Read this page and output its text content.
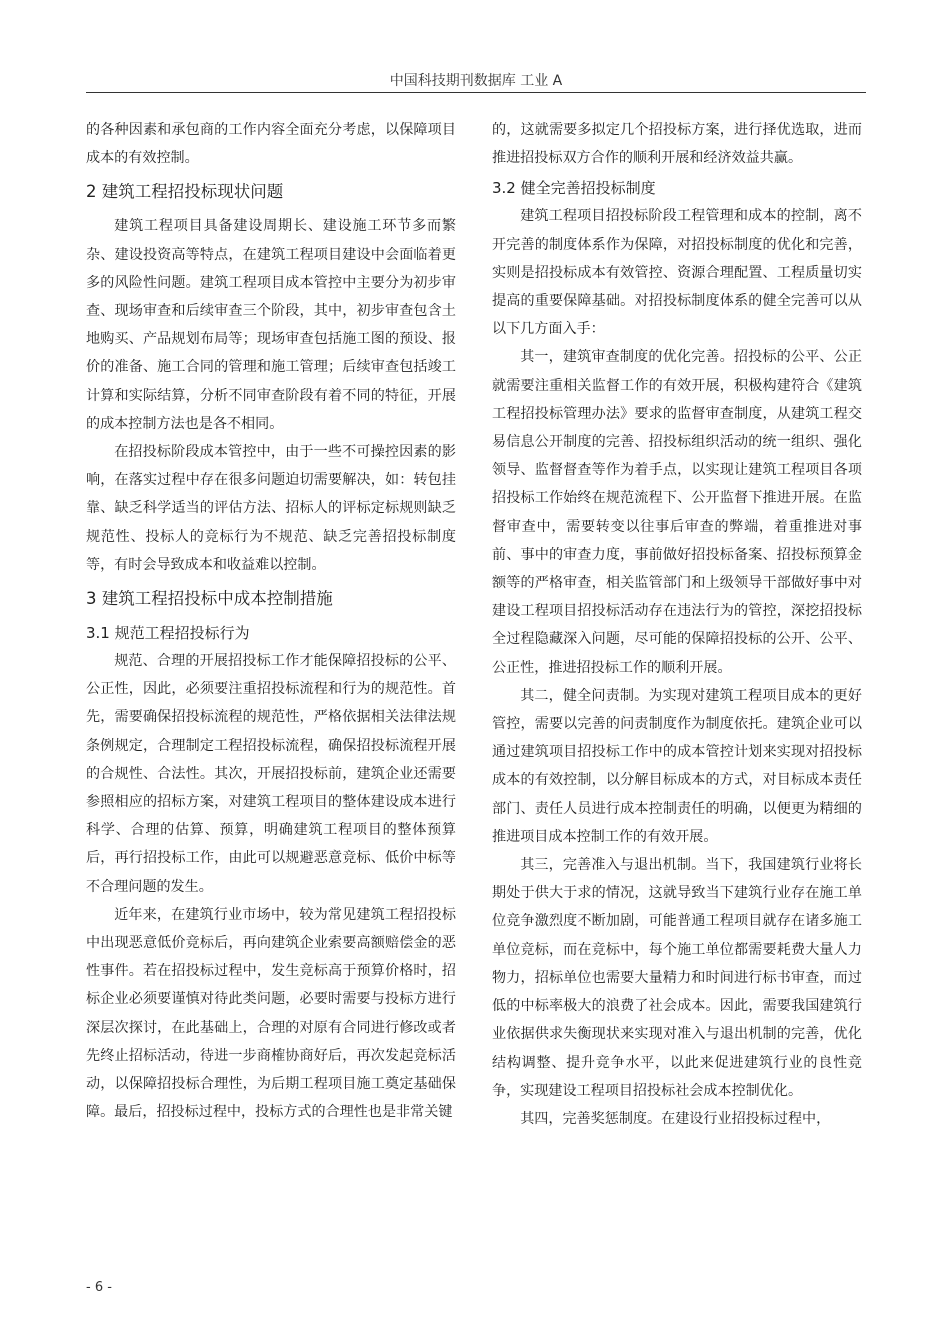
中国科技期刊数据库 工业 A

的各种因素和承包商的工作内容全面充分考虑，以保障项目成本的有效控制。

2 建筑工程招投标现状问题

建筑工程项目具备建设周期长、建设施工环节多而繁杂、建设投资高等特点，在建筑工程项目建设中会面临着更多的风险性问题。建筑工程项目成本管控中主要分为初步审查、现场审查和后续审查三个阶段，其中，初步审查包含土地购买、产品规划布局等；现场审查包括施工图的预设、报价的准备、施工合同的管理和施工管理；后续审查包括竣工计算和实际结算，分析不同审查阶段有着不同的特征，开展的成本控制方法也是各不相同。

在招投标阶段成本管控中，由于一些不可操控因素的影响，在落实过程中存在很多问题迫切需要解决，如：转包挂靠、缺乏科学适当的评估方法、招标人的评标定标规则缺乏规范性、投标人的竞标行为不规范、缺乏完善招投标制度等，有时会导致成本和收益难以控制。

3 建筑工程招投标中成本控制措施
3.1 规范工程招投标行为

规范、合理的开展招投标工作才能保障招投标的公平、公正性，因此，必须要注重招投标流程和行为的规范性。首先，需要确保招投标流程的规范性，严格依据相关法律法规条例规定，合理制定工程招投标流程，确保招投标流程开展的合规性、合法性。其次，开展招投标前，建筑企业还需要参照相应的招标方案，对建筑工程项目的整体建设成本进行科学、合理的估算、预算，明确建筑工程项目的整体预算后，再行招投标工作，由此可以规避恶意竞标、低价中标等不合理问题的发生。

近年来，在建筑行业市场中，较为常见建筑工程招投标中出现恶意低价竞标后，再向建筑企业索要高额赔偿金的恶性事件。若在招投标过程中，发生竞标高于预算价格时，招标企业必须要谨慎对待此类问题，必要时需要与投标方进行深层次探讨，在此基础上，合理的对原有合同进行修改或者先终止招标活动，待进一步商榷协商好后，再次发起竞标活动，以保障招投标合理性，为后期工程项目施工奠定基础保障。最后，招投标过程中，投标方式的合理性也是非常关键

的，这就需要多拟定几个招投标方案，进行择优选取，进而推进招投标双方合作的顺利开展和经济效益共赢。

3.2 健全完善招投标制度

建筑工程项目招投标阶段工程管理和成本的控制，离不开完善的制度体系作为保障，对招投标制度的优化和完善，实则是招投标成本有效管控、资源合理配置、工程质量切实提高的重要保障基础。对招投标制度体系的健全完善可以从以下几方面入手：

其一，建筑审查制度的优化完善。招投标的公平、公正就需要注重相关监督工作的有效开展，积极构建符合《建筑工程招投标管理办法》要求的监督审查制度，从建筑工程交易信息公开制度的完善、招投标组织活动的统一组织、强化领导、监督督查等作为着手点，以实现让建筑工程项目各项招投标工作始终在规范流程下、公开监督下推进开展。在监督审查中，需要转变以往事后审查的弊端，着重推进对事前、事中的审查力度，事前做好招投标备案、招投标预算金额等的严格审查，相关监管部门和上级领导干部做好事中对建设工程项目招投标活动存在违法行为的管控，深挖招投标全过程隐藏深入问题，尽可能的保障招投标的公开、公平、公正性，推进招投标工作的顺利开展。

其二，健全问责制。为实现对建筑工程项目成本的更好管控，需要以完善的问责制度作为制度依托。建筑企业可以通过建筑项目招投标工作中的成本管控计划来实现对招投标成本的有效控制，以分解目标成本的方式，对目标成本责任部门、责任人员进行成本控制责任的明确，以便更为精细的推进项目成本控制工作的有效开展。

其三，完善准入与退出机制。当下，我国建筑行业将长期处于供大于求的情况，这就导致当下建筑行业存在施工单位竞争激烈度不断加剧，可能普通工程项目就存在诸多施工单位竞标，而在竞标中，每个施工单位都需要耗费大量人力物力，招标单位也需要大量精力和时间进行标书审查，而过低的中标率极大的浪费了社会成本。因此，需要我国建筑行业依据供求失衡现状来实现对准入与退出机制的完善，优化结构调整、提升竞争水平，以此来促进建筑行业的良性竞争，实现建设工程项目招投标社会成本控制优化。

其四，完善奖惩制度。在建设行业招投标过程中，

- 6 -
